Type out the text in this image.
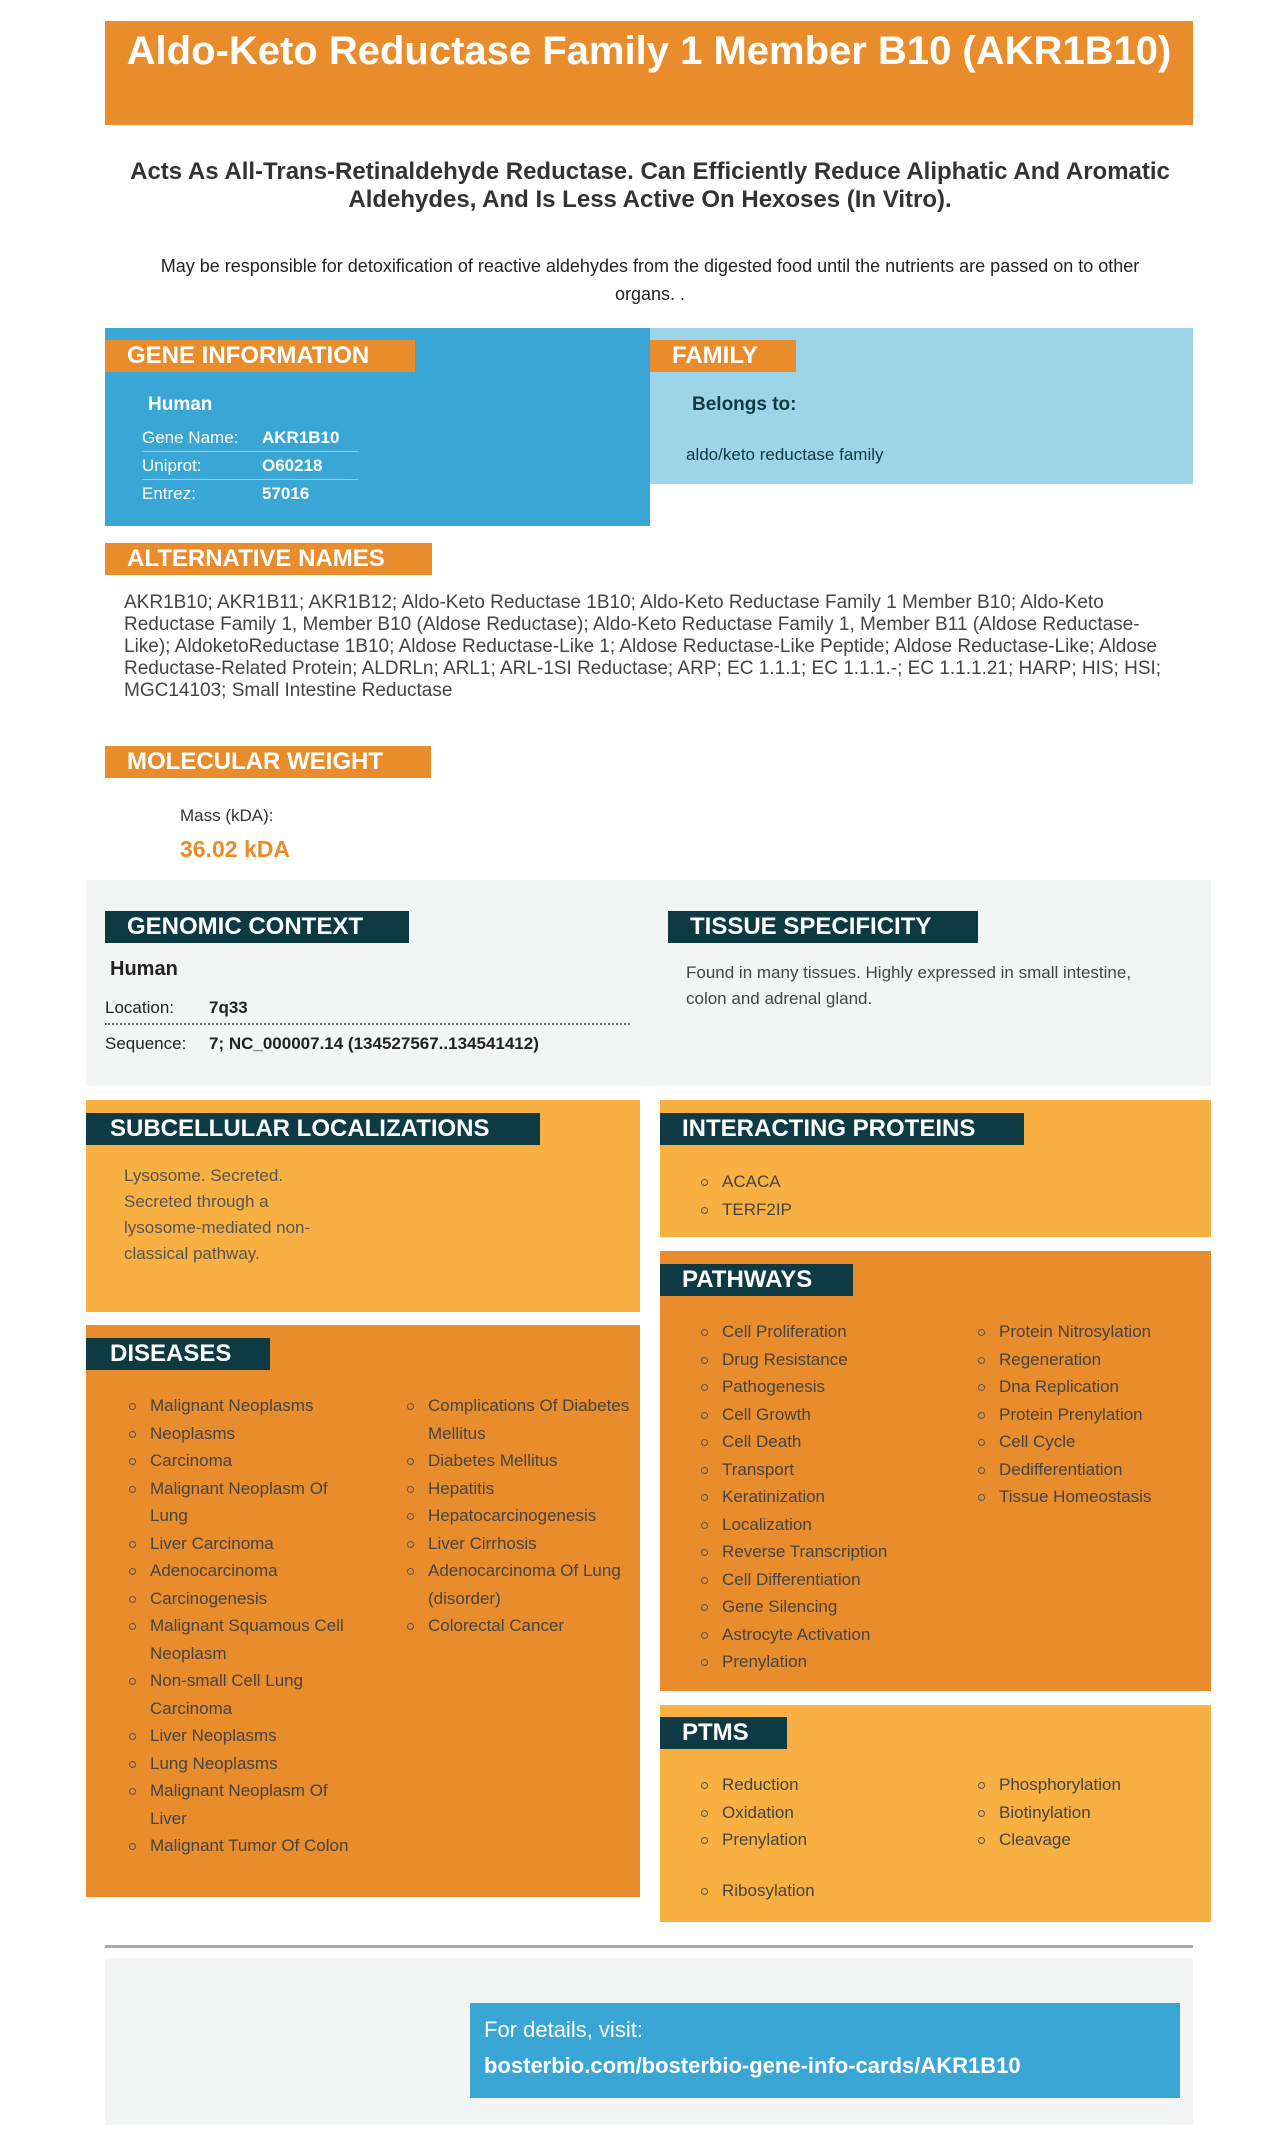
Aldo-Keto Reductase Family 1 Member B10 (AKR1B10)
Acts As All-Trans-Retinaldehyde Reductase. Can Efficiently Reduce Aliphatic And Aromatic Aldehydes, And Is Less Active On Hexoses (In Vitro).
May be responsible for detoxification of reactive aldehydes from the digested food until the nutrients are passed on to other organs. .
GENE INFORMATION	FAMILY
Human
Gene Name: AKR1B10
Uniprot:	O60218
Entrez:	57016
Belongs to:
aldo/keto reductase family
ALTERNATIVE NAMES
AKR1B10; AKR1B11; AKR1B12; Aldo-Keto Reductase 1B10; Aldo-Keto Reductase Family 1 Member B10; Aldo-Keto Reductase Family 1, Member B10 (Aldose Reductase); Aldo-Keto Reductase Family 1, Member B11 (Aldose Reductase-Like); AldoketoReductase 1B10; Aldose Reductase-Like 1; Aldose Reductase-Like Peptide; Aldose Reductase-Like; Aldose Reductase-Related Protein; ALDRLn; ARL1; ARL-1SI Reductase; ARP; EC 1.1.1; EC 1.1.1.-; EC 1.1.1.21; HARP; HIS; HSI; MGC14103; Small Intestine Reductase
MOLECULAR WEIGHT
Mass (kDA):
36.02 kDA
GENOMIC CONTEXT	TISSUE SPECIFICITY
Human
Location: 7q33
Sequence: 7; NC_000007.14 (134527567..134541412)
Found in many tissues. Highly expressed in small intestine, colon and adrenal gland.
SUBCELLULAR LOCALIZATIONS
Lysosome. Secreted. Secreted through a lysosome-mediated non-classical pathway.
INTERACTING PROTEINS
ACACA
TERF2IP
PATHWAYS
Cell Proliferation
Drug Resistance
Pathogenesis
Cell Growth
Cell Death
Transport
Keratinization
Localization
Reverse Transcription
Cell Differentiation
Gene Silencing
Astrocyte Activation
Prenylation
Protein Nitrosylation
Regeneration
Dna Replication
Protein Prenylation
Cell Cycle
Dedifferentiation
Tissue Homeostasis
DISEASES
Malignant Neoplasms
Neoplasms
Carcinoma
Malignant Neoplasm Of Lung
Liver Carcinoma
Adenocarcinoma
Carcinogenesis
Malignant Squamous Cell Neoplasm
Non-small Cell Lung Carcinoma
Liver Neoplasms
Lung Neoplasms
Malignant Neoplasm Of Liver
Malignant Tumor Of Colon
Complications Of Diabetes Mellitus
Diabetes Mellitus
Hepatitis
Hepatocarcinogenesis
Liver Cirrhosis
Adenocarcinoma Of Lung (disorder)
Colorectal Cancer
PTMS
Reduction
Oxidation
Prenylation
Phosphorylation
Biotinylation
Cleavage
Ribosylation
For details, visit:
bosterbio.com/bosterbio-gene-info-cards/AKR1B10
